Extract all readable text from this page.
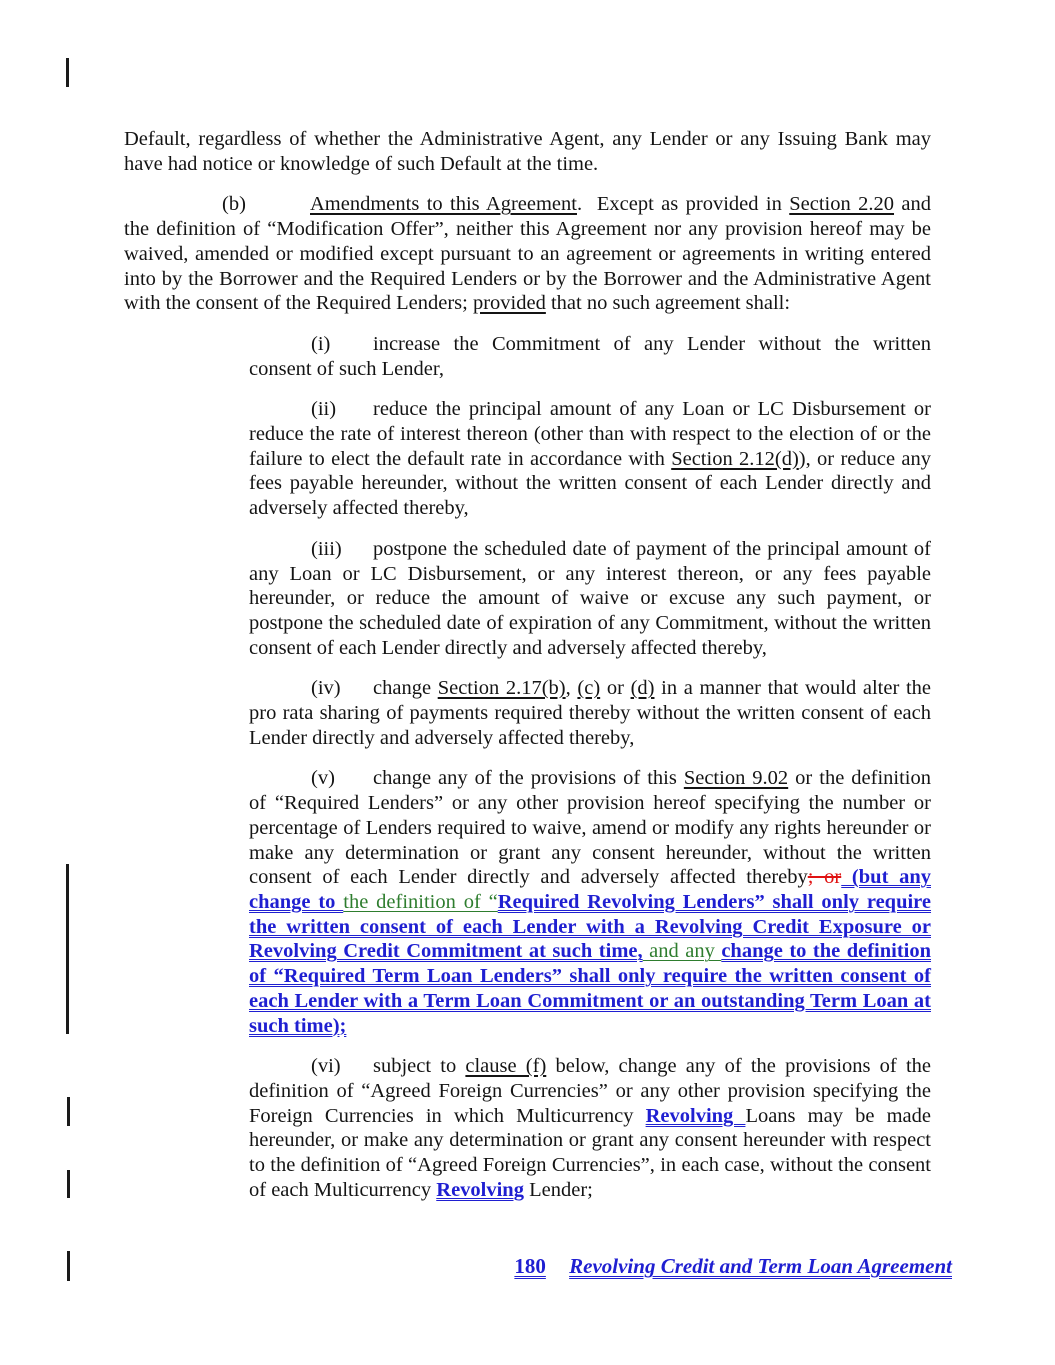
Default, regardless of whether the Administrative Agent, any Lender or any Issuing Bank may have had notice or knowledge of such Default at the time.

(b)	Amendments to this Agreement.  Except as provided in Section 2.20 and the definition of “Modification Offer”, neither this Agreement nor any provision hereof may be waived, amended or modified except pursuant to an agreement or agreements in writing entered into by the Borrower and the Required Lenders or by the Borrower and the Administrative Agent with the consent of the Required Lenders; provided that no such agreement shall:

(i) increase the Commitment of any Lender without the written consent of such Lender,

(ii) reduce the principal amount of any Loan or LC Disbursement or reduce the rate of interest thereon (other than with respect to the election of or the failure to elect the default rate in accordance with Section 2.12(d)), or reduce any fees payable hereunder, without the written consent of each Lender directly and adversely affected thereby,

(iii) postpone the scheduled date of payment of the principal amount of any Loan or LC Disbursement, or any interest thereon, or any fees payable hereunder, or reduce the amount of waive or excuse any such payment, or postpone the scheduled date of expiration of any Commitment, without the written consent of each Lender directly and adversely affected thereby,

(iv) change Section 2.17(b), (c) or (d) in a manner that would alter the pro rata sharing of payments required thereby without the written consent of each Lender directly and adversely affected thereby,

(v) change any of the provisions of this Section 9.02 or the definition of “Required Lenders” or any other provision hereof specifying the number or percentage of Lenders required to waive, amend or modify any rights hereunder or make any determination or grant any consent hereunder, without the written consent of each Lender directly and adversely affected thereby; or (but any change to the definition of “Required Revolving Lenders” shall only require the written consent of each Lender with a Revolving Credit Exposure or Revolving Credit Commitment at such time, and any change to the definition of “Required Term Loan Lenders” shall only require the written consent of each Lender with a Term Loan Commitment or an outstanding Term Loan at such time);

(vi) subject to clause (f) below, change any of the provisions of the definition of “Agreed Foreign Currencies” or any other provision specifying the Foreign Currencies in which Multicurrency Revolving Loans may be made hereunder, or make any determination or grant any consent hereunder with respect to the definition of “Agreed Foreign Currencies”, in each case, without the consent of each Multicurrency Revolving Lender;

180 Revolving Credit and Term Loan Agreement
